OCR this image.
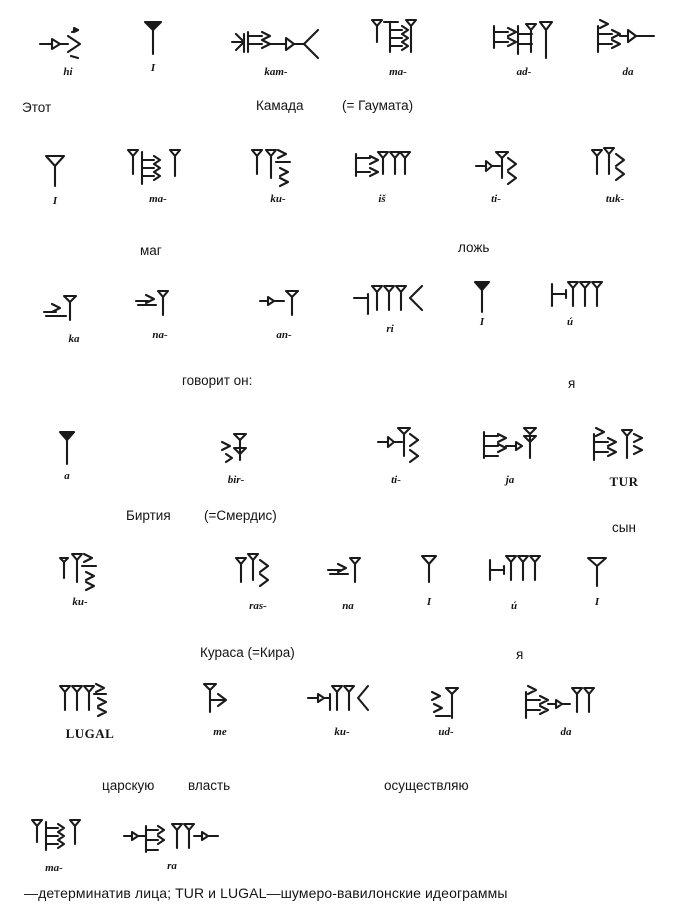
hi	I	kam-	ma-	ad-	da
Этот	Камада	(= Гаумата)
I	ma-	ku-	iš	ti-	tuk-
маг	ложь
ka	na-	an-	ri
I	ú
говорит он:	я
a	bir-	ti-	ja	TUR
Биртия (=Смердис)
сын
ku-	ras-	na	I	ú	I
Кураса (=Кира)	я
LUGAL	me	ku-	ud-	da
царскую власть	осуществляю
ma-	ra
—детерминатив лица; TUR и LUGAL—шумеро-вавилонские идеограммы
